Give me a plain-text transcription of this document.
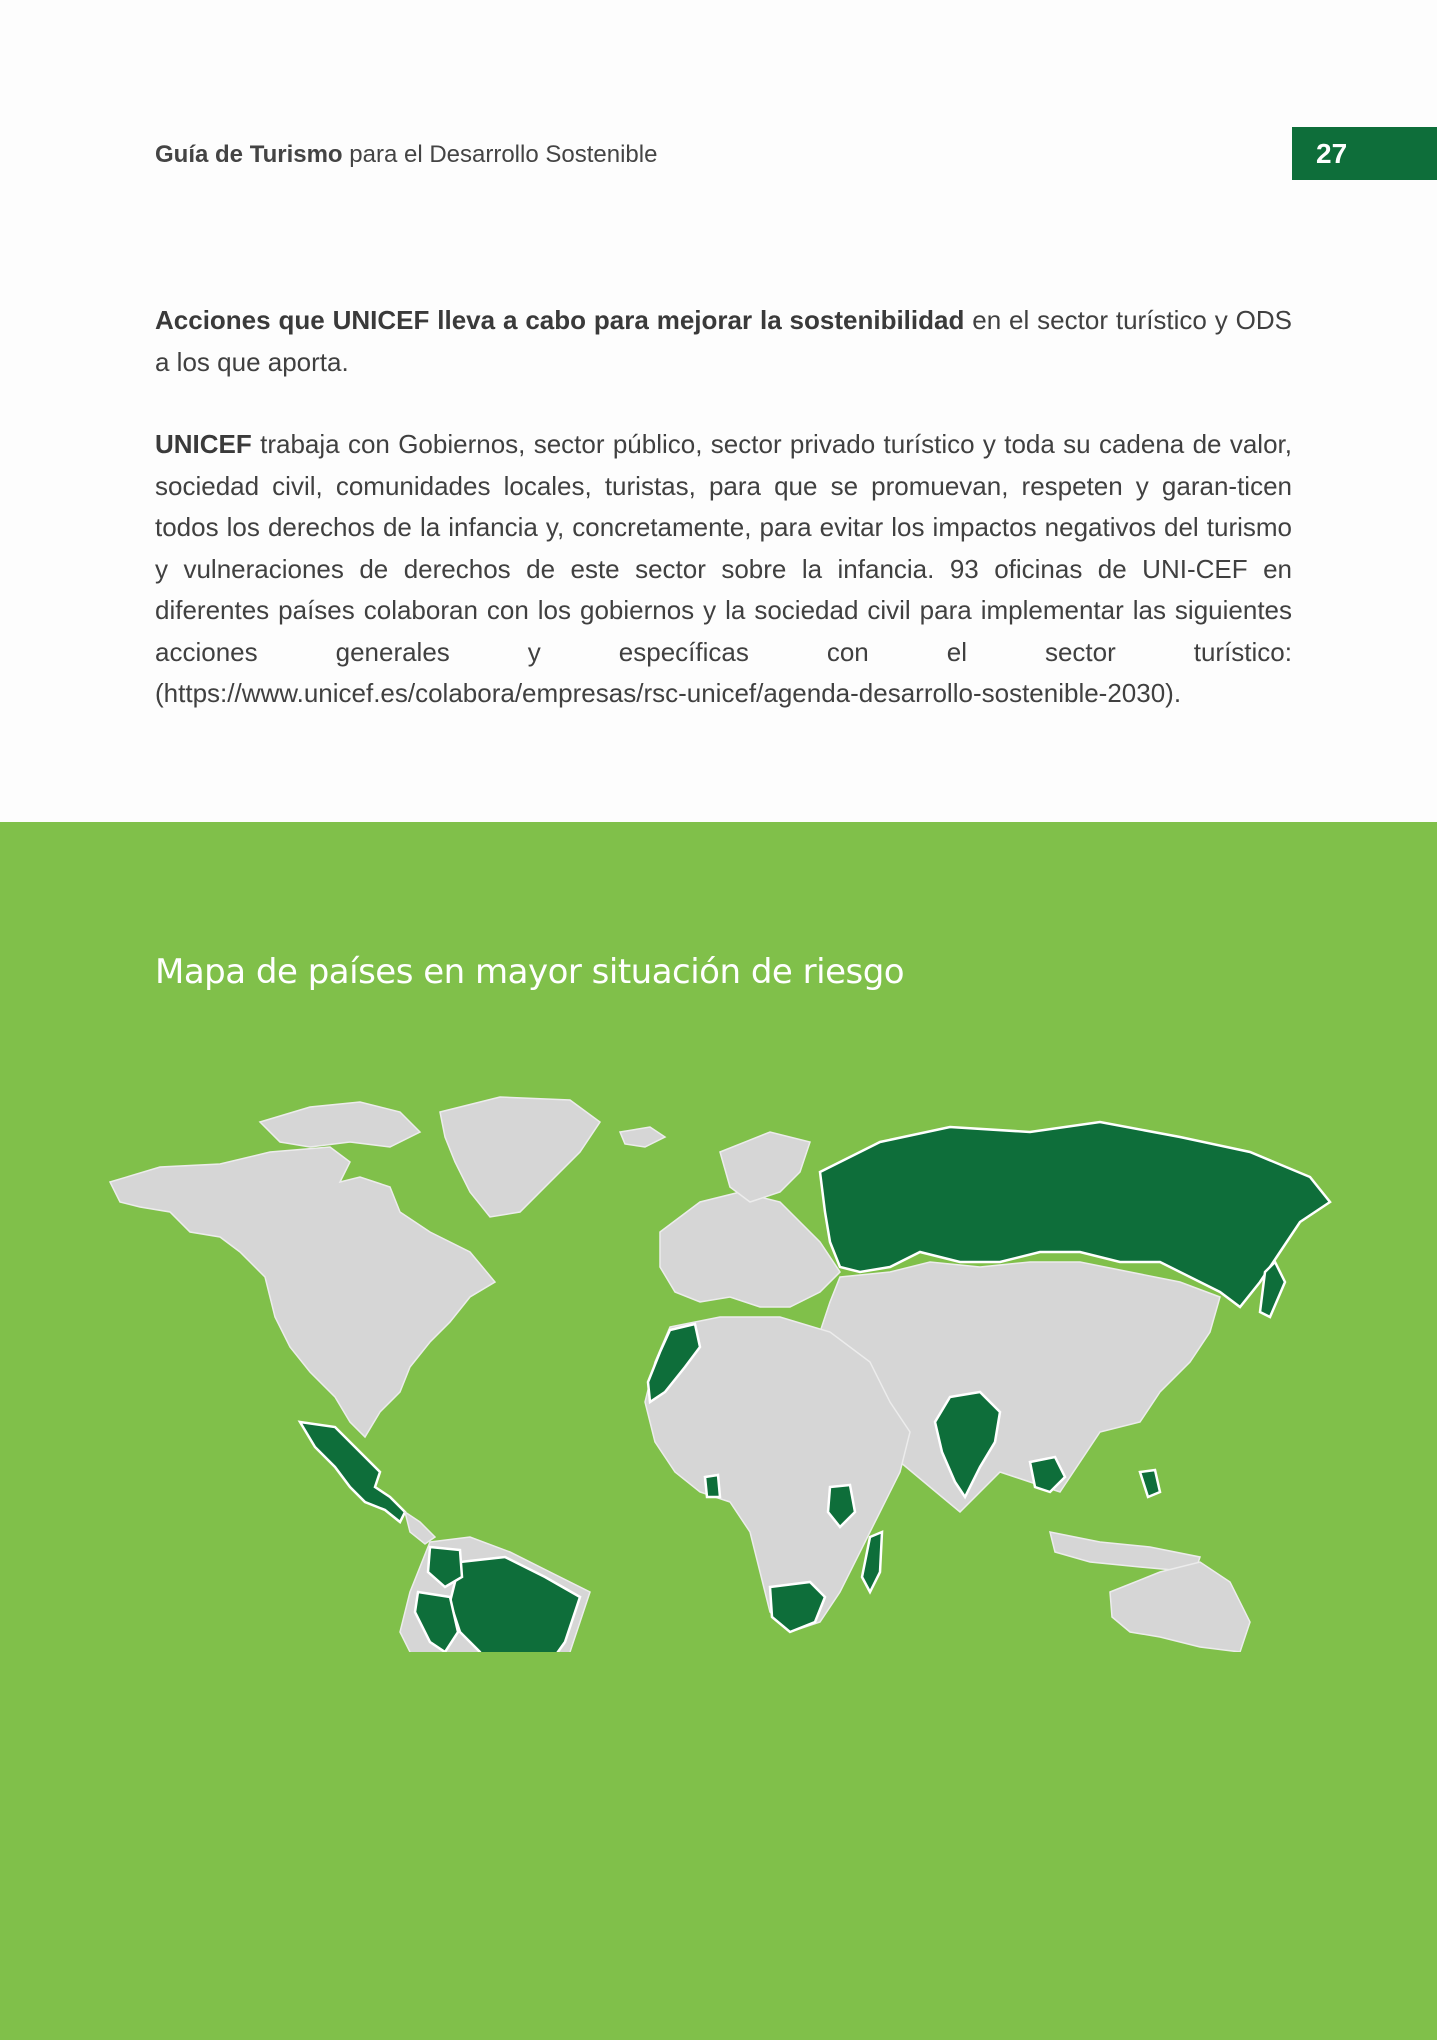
Guía de Turismo para el Desarrollo Sostenible	27
Acciones que UNICEF lleva a cabo para mejorar la sostenibilidad en el sector turístico y ODS a los que aporta.
UNICEF trabaja con Gobiernos, sector público, sector privado turístico y toda su cadena de valor, sociedad civil, comunidades locales, turistas, para que se promuevan, respeten y garan-ticen todos los derechos de la infancia y, concretamente, para evitar los impactos negativos del turismo y vulneraciones de derechos de este sector sobre la infancia. 93 oficinas de UNI-CEF en diferentes países colaboran con los gobiernos y la sociedad civil para implementar las siguientes acciones generales y específicas con el sector turístico: (https://www.unicef.es/colabora/empresas/rsc-unicef/agenda-desarrollo-sostenible-2030).
Mapa de países en mayor situación de riesgo
